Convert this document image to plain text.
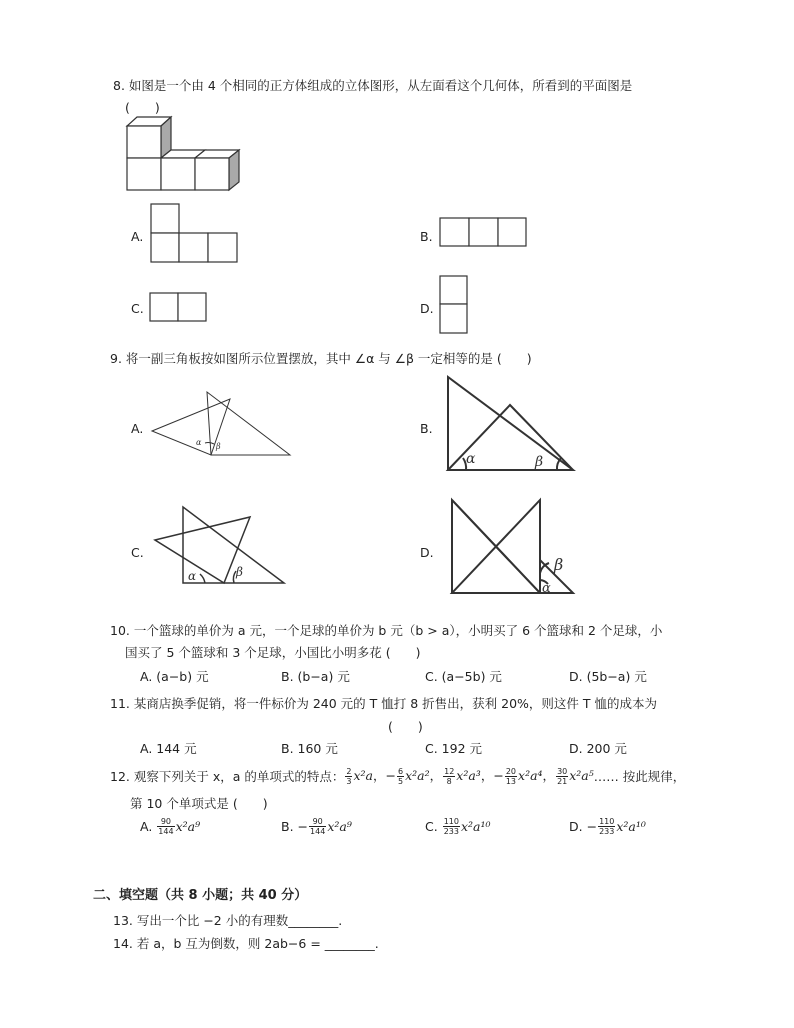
8. 如图是一个由 4 个相同的正方体组成的立体图形，从左面看这个几何体，所看到的平面图是
(　　)
A.	B.
C.	D.
9. 将一副三角板按如图所示位置摆放，其中 ∠α 与 ∠β 一定相等的是 (　　)
A.
α β
B.
α	β
C.
α	β
D.
β
α
10. 一个篮球的单价为 a 元，一个足球的单价为 b 元（b > a），小明买了 6 个篮球和 2 个足球，小
国买了 5 个篮球和 3 个足球，小国比小明多花 (　　)
A. (a−b) 元	B. (b−a) 元	C. (a−5b) 元	D. (5b−a) 元
11. 某商店换季促销，将一件标价为 240 元的 T 恤打 8 折售出，获利 20%，则这件 T 恤的成本为
(　　)
A. 144 元	B. 160 元	C. 192 元	D. 200 元
12. 观察下列关于 x，a 的单项式的特点： $\frac{2}{3} x^2a$， − $\frac{6}{5} x^2a^2$， $\frac{12}{8} x^2a^3$， − $\frac{20}{13} x^2a^4$， $\frac{30}{21} x^2a^5$ …… 按此规律，
第 10 个单项式是 (　　)
A.
$\frac{90}{144} x^2a^9$	B.
− $\frac{90}{144} x^2a^9$	C.
$\frac{110}{233} x^2a^{10}$	D.
− $\frac{110}{233} x^2a^{10}$
二、填空题（共 8 小题；共 40 分）
13. 写出一个比 −2 小的有理数________.
14. 若 a，b 互为倒数，则 2ab−6 = ________.
